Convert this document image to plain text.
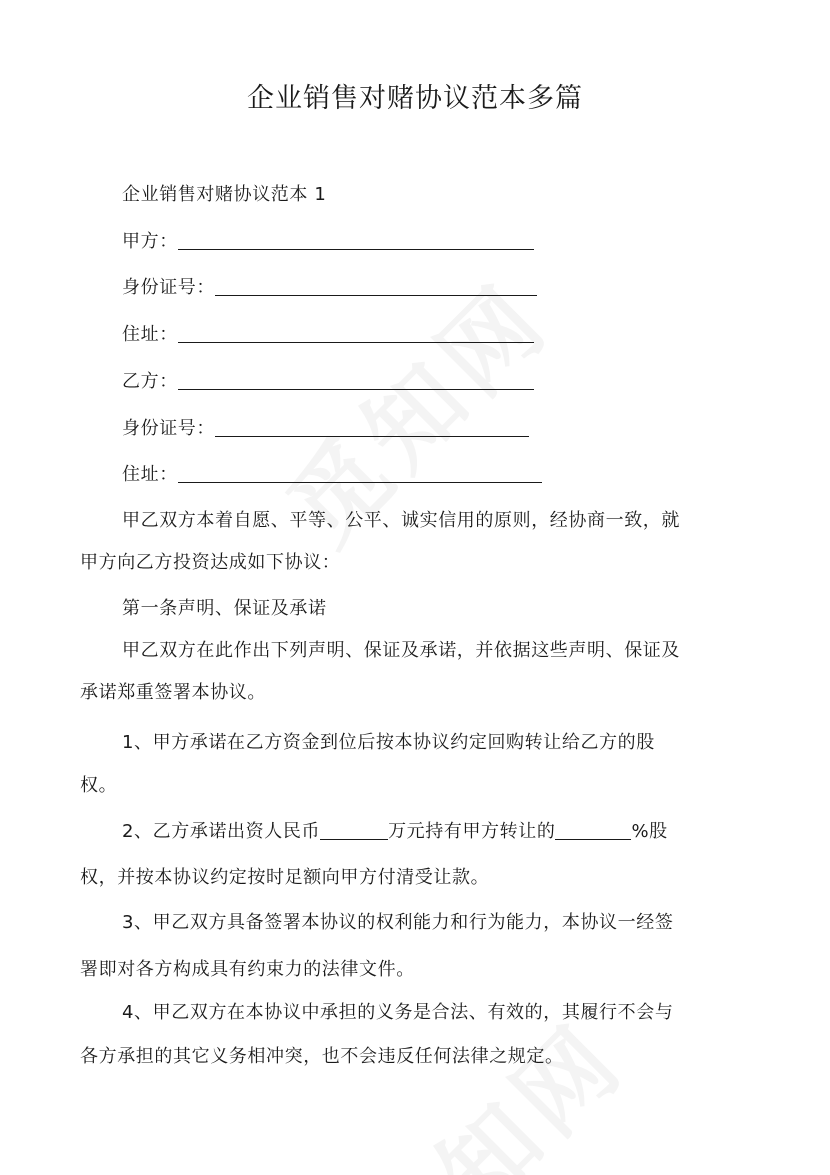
企业销售对赌协议范本多篇
企业销售对赌协议范本 1
甲方：
身份证号：
住址：
乙方：
身份证号：
住址：
甲乙双方本着自愿、平等、公平、诚实信用的原则，经协商一致，就
甲方向乙方投资达成如下协议：
第一条声明、保证及承诺
甲乙双方在此作出下列声明、保证及承诺，并依据这些声明、保证及
承诺郑重签署本协议。
1、甲方承诺在乙方资金到位后按本协议约定回购转让给乙方的股
权。
2、乙方承诺出资人民币	万元持有甲方转让的	%股
权，并按本协议约定按时足额向甲方付清受让款。
3、甲乙双方具备签署本协议的权利能力和行为能力，本协议一经签
署即对各方构成具有约束力的法律文件。
4、甲乙双方在本协议中承担的义务是合法、有效的，其履行不会与
各方承担的其它义务相冲突，也不会违反任何法律之规定。
